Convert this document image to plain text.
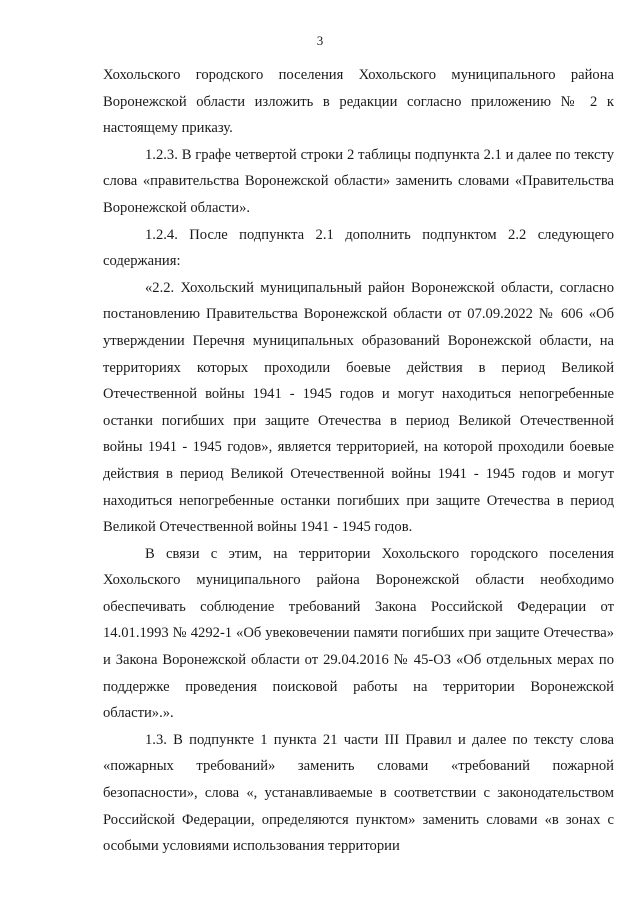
3

Хохольского городского поселения Хохольского муниципального района Воронежской области изложить в редакции согласно приложению № 2 к настоящему приказу.

1.2.3. В графе четвертой строки 2 таблицы подпункта 2.1 и далее по тексту слова «правительства Воронежской области» заменить словами «Правительства Воронежской области».

1.2.4. После подпункта 2.1 дополнить подпунктом 2.2 следующего содержания:

«2.2. Хохольский муниципальный район Воронежской области, согласно постановлению Правительства Воронежской области от 07.09.2022 № 606 «Об утверждении Перечня муниципальных образований Воронежской области, на территориях которых проходили боевые действия в период Великой Отечественной войны 1941 - 1945 годов и могут находиться непогребенные останки погибших при защите Отечества в период Великой Отечественной войны 1941 - 1945 годов», является территорией, на которой проходили боевые действия в период Великой Отечественной войны 1941 - 1945 годов и могут находиться непогребенные останки погибших при защите Отечества в период Великой Отечественной войны 1941 - 1945 годов.

В связи с этим, на территории Хохольского городского поселения Хохольского муниципального района Воронежской области необходимо обеспечивать соблюдение требований Закона Российской Федерации от 14.01.1993 № 4292-1 «Об увековечении памяти погибших при защите Отечества» и Закона Воронежской области от 29.04.2016 № 45-ОЗ «Об отдельных мерах по поддержке проведения поисковой работы на территории Воронежской области».».

1.3. В подпункте 1 пункта 21 части III Правил и далее по тексту слова «пожарных требований» заменить словами «требований пожарной безопасности», слова «, устанавливаемые в соответствии с законодательством Российской Федерации, определяются пунктом» заменить словами «в зонах с особыми условиями использования территории
